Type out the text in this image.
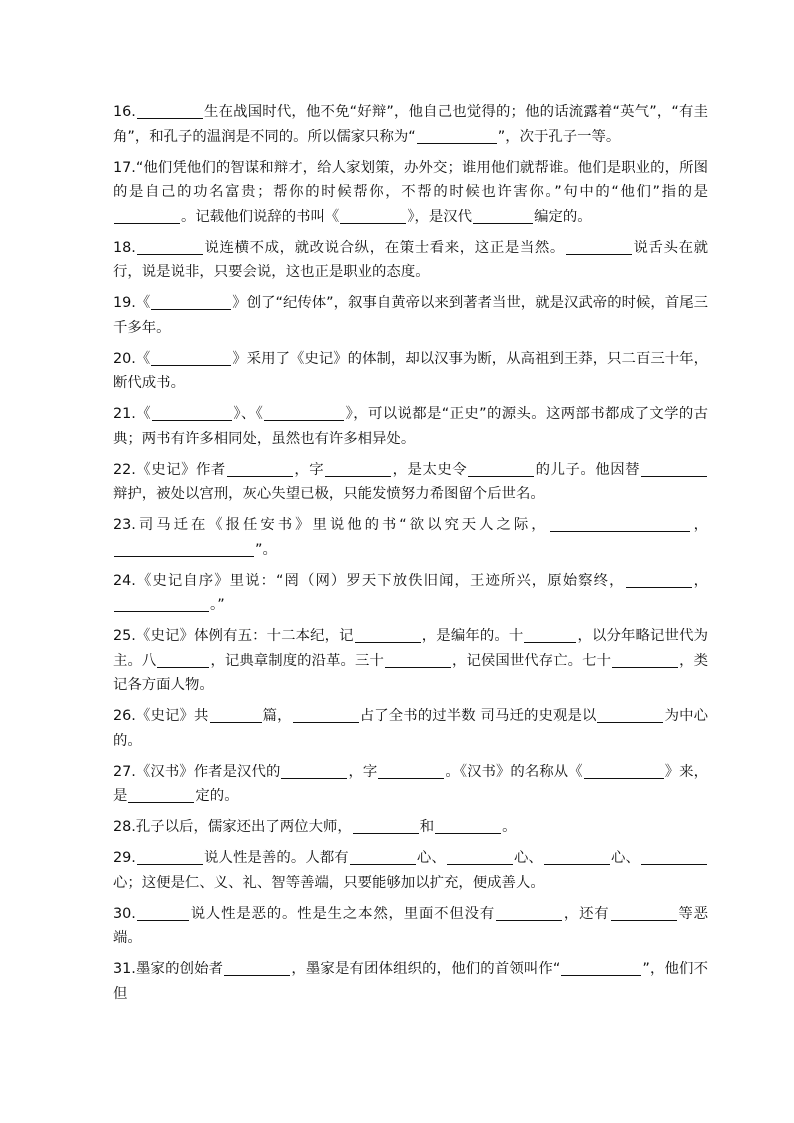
16.	生在战国时代，他不免“好辩”，他自己也觉得的；他的话流露着“英气”，“有圭角”，和孔子的温润是不同的。所以儒家只称为“	”，次于孔子一等。

17.“他们凭他们的智谋和辩才，给人家划策，办外交；谁用他们就帮谁。他们是职业的，所图的是自己的功名富贵；帮你的时候帮你，不帮的时候也许害你。”句中的“他们”指的是。记载他们说辞的书叫《	》，是汉代	编定的。

18.	说连横不成，就改说合纵，在策士看来，这正是当然。	说舌头在就行，说是说非，只要会说，这也正是职业的态度。

19.《	》创了“纪传体”，叙事自黄帝以来到著者当世，就是汉武帝的时候，首尾三千多年。

20.《	》采用了《史记》的体制，却以汉事为断，从高祖到王莽，只二百三十年，断代成书。

21.《	》、《	》，可以说都是“正史”的源头。这两部书都成了文学的古典；两书有许多相同处，虽然也有许多相异处。

22.《史记》作者	，字	，是太史令	的儿子。他因替辩护，被处以宫刑，灰心失望已极，只能发愤努力希图留个后世名。

23.司马迁在《报任安书》里说他的书“欲以究天人之际，	，”。

24.《史记自序》里说：“罔（网）罗天下放佚旧闻，王迹所兴，原始察终，	，。”

25.《史记》体例有五：十二本纪，记	，是编年的。十	，以分年略记世代为主。八	，记典章制度的沿革。三十	，记侯国世代存亡。七十	，类记各方面人物。

26.《史记》共	篇，	占了全书的过半数 司马迁的史观是以	为中心的。

27.《汉书》作者是汉代的	，字	。《汉书》的名称从《	》来，是	定的。

28.孔子以后，儒家还出了两位大师，	和	。

29.	说人性是善的。人都有	心、	心、	心、心；这便是仁、义、礼、智等善端，只要能够加以扩充，便成善人。

30.	说人性是恶的。性是生之本然，里面不但没有	，还有	等恶端。

31.墨家的创始者	，墨家是有团体组织的，他们的首领叫作“	”，他们不但
